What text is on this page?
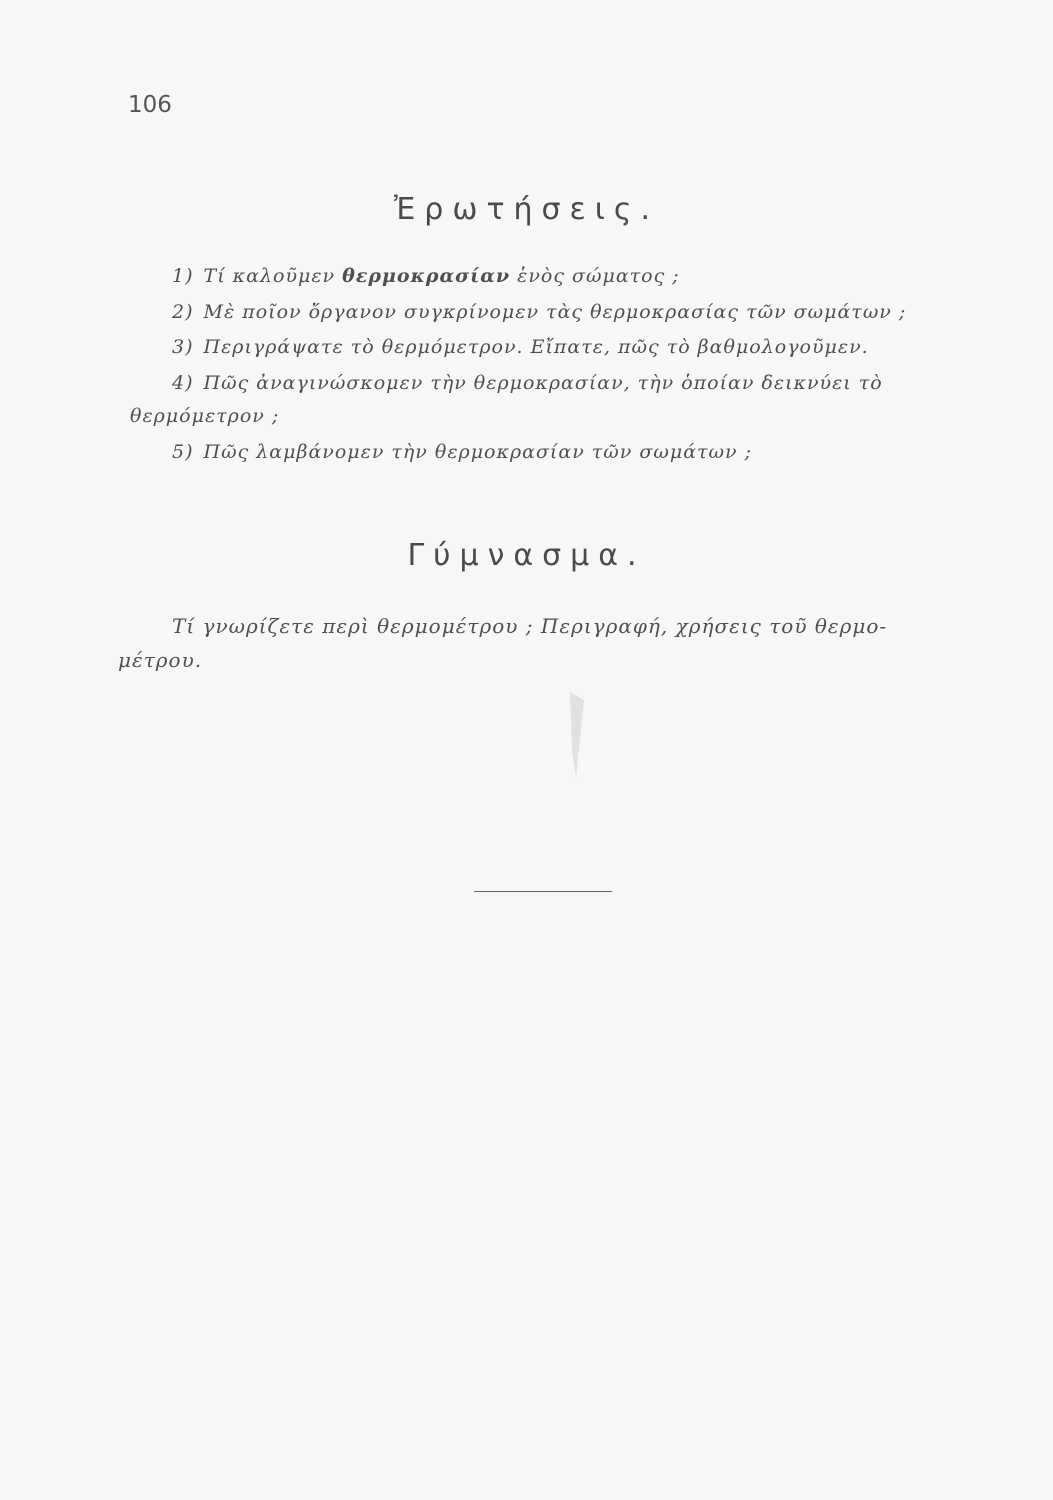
106
Ἐρωτήσεις.
1) Τί καλοῦμεν θερμοκρασίαν ἑνὸς σώματος ;
2) Μὲ ποῖον ὄργανον συγκρίνομεν τὰς θερμοκρασίας τῶν σωμάτων ;
3) Περιγράψατε τὸ θερμόμετρον. Εἴπατε, πῶς τὸ βαθμολογοῦμεν.
4) Πῶς ἀναγινώσκομεν τὴν θερμοκρασίαν, τὴν ὁποίαν δεικνύει τὸ
θερμόμετρον ;
5) Πῶς λαμβάνομεν τὴν θερμοκρασίαν τῶν σωμάτων ;
Γύμνασμα.
Τί γνωρίζετε περὶ θερμομέτρου ; Περιγραφή, χρήσεις τοῦ θερμο-
μέτρου.
